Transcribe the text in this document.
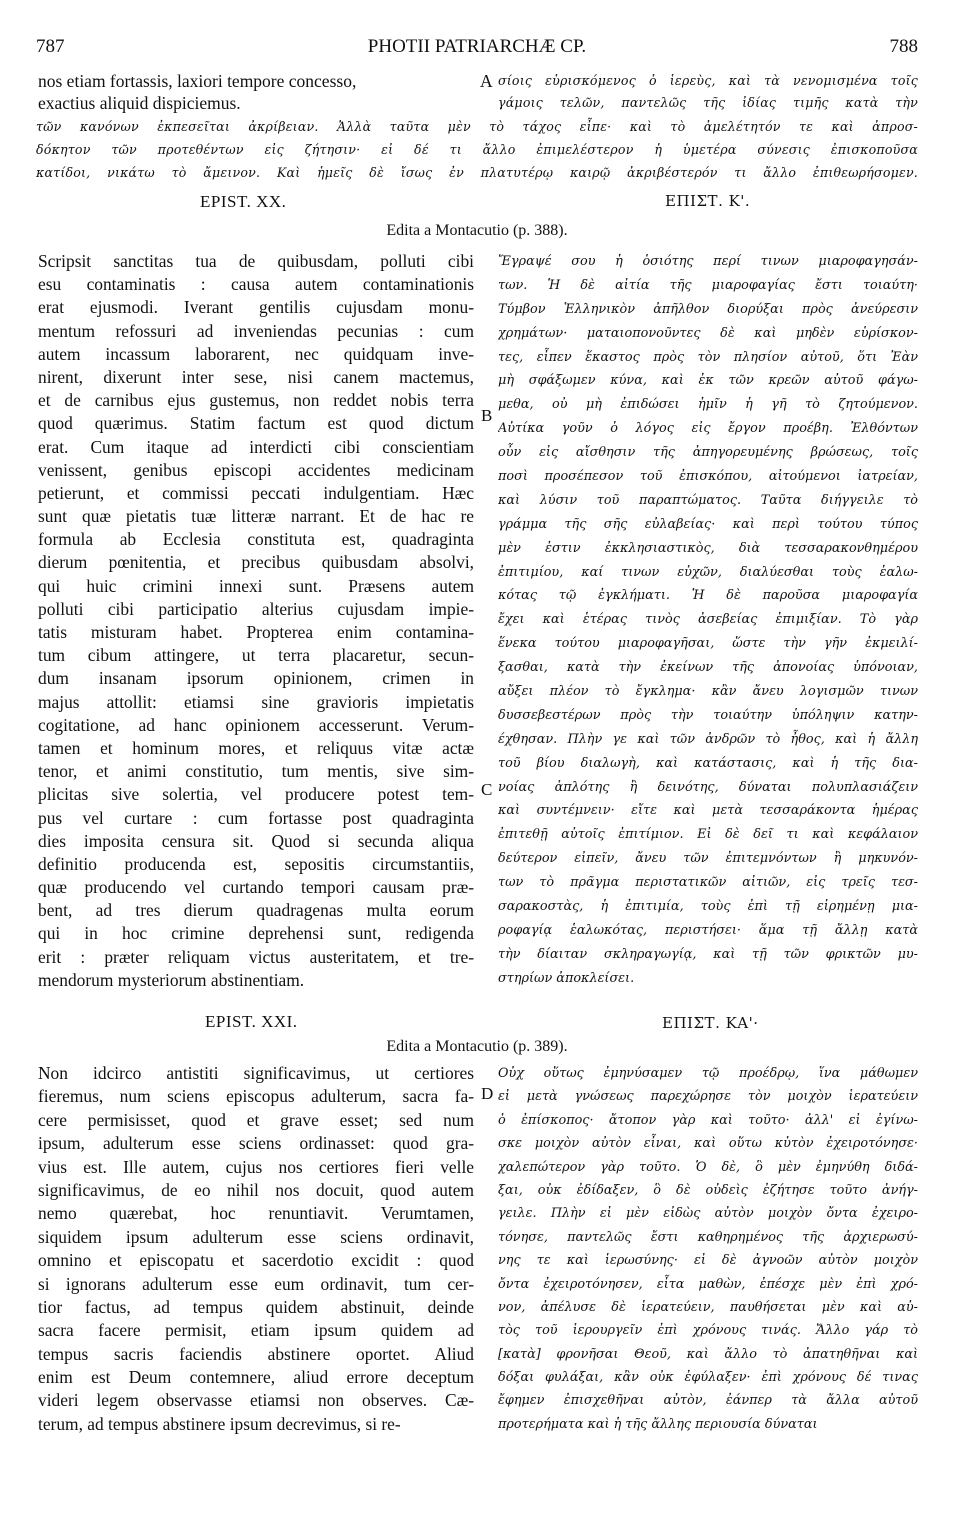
787	PHOTII PATRIARCHÆ CP.	788
nos etiam fortassis, laxiori tempore concesso,	A σίοις εὑρισκόμενος ὁ ἱερεὺς, καὶ τὰ νενομισμένα τοῖς
exactius aliquid dispiciemus.	γάμοις τελῶν, παντελῶς τῆς ἰδίας τιμῆς κατὰ τὴν
τῶν κανόνων ἐκπεσεῖται ἀκρίβειαν. Ἀλλὰ ταῦτα μὲν τὸ τάχος εἶπε· καὶ τὸ ἀμελέτητόν τε καὶ ἀπροσ-
δόκητον τῶν προτεθέντων εἰς ζήτησιν· εἰ δέ τι ἄλλο ἐπιμελέστερον ἡ ὑμετέρα σύνεσις ἐπισκοποῦσα
κατίδοι, νικάτω τὸ ἄμεινον. Καὶ ἡμεῖς δὲ ἴσως ἐν πλατυτέρῳ καιρῷ ἀκριβέστερόν τι ἄλλο ἐπιθεωρήσομεν.
EPIST. XX.	ΕΠΙΣΤ. Κ'.
Edita a Montacutio (p. 388).
Scripsit sanctitas tua de quibusdam, polluti cibi
esu contaminatis : causa autem contaminationis
erat ejusmodi. Iverant gentilis cujusdam monu-
mentum refossuri ad inveniendas pecunias : cum
autem incassum laborarent, nec quidquam inve-
nirent, dixerunt inter sese, nisi canem mactemus,
et de carnibus ejus gustemus, non reddet nobis terra
quod quærimus. Statim factum est quod dictum
erat. Cum itaque ad interdicti cibi conscientiam
venissent, genibus episcopi accidentes medicinam
petierunt, et commissi peccati indulgentiam. Hæc
sunt quæ pietatis tuæ litteræ narrant. Et de hac re
formula ab Ecclesia constituta est, quadraginta
dierum pœnitentia, et precibus quibusdam absolvi,
qui huic crimini innexi sunt. Præsens autem
polluti cibi participatio alterius cujusdam impie-
tatis misturam habet. Propterea enim contamina-
tum cibum attingere, ut terra placaretur, secun-
dum insanam ipsorum opinionem, crimen in
majus attollit: etiamsi sine gravioris impietatis
cogitatione, ad hanc opinionem accesserunt. Verum-
tamen et hominum mores, et reliquus vitæ actæ
tenor, et animi constitutio, tum mentis, sive sim-
plicitas sive solertia, vel producere potest tem-
pus vel curtare : cum fortasse post quadraginta
dies imposita censura sit. Quod si secunda aliqua
definitio producenda est, sepositis circumstantiis,
quæ producendo vel curtando tempori causam præ-
bent, ad tres dierum quadragenas multa eorum
qui in hoc crimine deprehensi sunt, redigenda
erit : præter reliquam victus austeritatem, et tre-
mendorum mysteriorum abstinentiam.
Ἔγραψέ σου ἡ ὁσιότης περί τινων μιαροφαγησάν-
των. Ἡ δὲ αἰτία τῆς μιαροφαγίας ἔστι τοιαύτη·
Τύμβον Ἑλληνικὸν ἀπῆλθον διορύξαι πρὸς ἀνεύρεσιν
χρημάτων· ματαιοπονοῦντες δὲ καὶ μηδὲν εὑρίσκον-
τες, εἶπεν ἕκαστος πρὸς τὸν πλησίον αὐτοῦ, ὅτι Ἐὰν
μὴ σφάξωμεν κύνα, καὶ ἐκ τῶν κρεῶν αὐτοῦ φάγω-
μεθα, οὐ μὴ ἐπιδώσει ἡμῖν ἡ γῆ τὸ ζητούμενον.
Αὐτίκα γοῦν ὁ λόγος εἰς ἔργον προέβη. Ἐλθόντων
οὖν εἰς αἴσθησιν τῆς ἀπηγορευμένης βρώσεως, τοῖς
ποσὶ προσέπεσον τοῦ ἐπισκόπου, αἰτούμενοι ἰατρείαν,
καὶ λύσιν τοῦ παραπτώματος. Ταῦτα διήγγειλε τὸ
γράμμα τῆς σῆς εὐλαβείας· καὶ περὶ τούτου τύπος
μὲν ἐστιν ἐκκλησιαστικὸς, διὰ τεσσαρακονθημέρου
ἐπιτιμίου, καί τινων εὐχῶν, διαλύεσθαι τοὺς ἑαλω-
κότας τῷ ἐγκλήματι. Ἡ δὲ παροῦσα μιαροφαγία
ἔχει καὶ ἑτέρας τινὸς ἀσεβείας ἐπιμιξίαν. Τὸ γὰρ
ἕνεκα τούτου μιαροφαγῆσαι, ὥστε τὴν γῆν ἐκμειλί-
ξασθαι, κατὰ τὴν ἐκείνων τῆς ἀπονοίας ὑπόνοιαν,
αὔξει πλέον τὸ ἔγκλημα· κἂν ἄνευ λογισμῶν τινων
δυσσεβεστέρων πρὸς τὴν τοιαύτην ὑπόληψιν κατην-
έχθησαν. Πλὴν γε καὶ τῶν ἀνδρῶν τὸ ἦθος, καὶ ἡ ἄλλη
τοῦ βίου διαλωγὴ, καὶ κατάστασις, καὶ ἡ τῆς δια-
νοίας ἁπλότης ἢ δεινότης, δύναται πολυπλασιάζειν
καὶ συντέμνειν· εἴτε καὶ μετὰ τεσσαράκοντα ἡμέρας
ἐπιτεθῇ αὐτοῖς ἐπιτίμιον. Εἰ δὲ δεῖ τι καὶ κεφάλαιον
δεύτερον εἰπεῖν, ἄνευ τῶν ἐπιτεμνόντων ἢ μηκυνόν-
των τὸ πρᾶγμα περιστατικῶν αἰτιῶν, εἰς τρεῖς τεσ-
σαρακοστὰς, ἡ ἐπιτιμία, τοὺς ἐπὶ τῇ εἰρημένῃ μια-
ροφαγίᾳ ἑαλωκότας, περιστήσει· ἅμα τῇ ἄλλῃ κατὰ
τὴν δίαιταν σκληραγωγίᾳ, καὶ τῇ τῶν φρικτῶν μυ-
στηρίων ἀποκλείσει.
B
C
EPIST. XXI.	ΕΠΙΣΤ. ΚΑ'·
Edita a Montacutio (p. 389).
Non idcirco antistiti significavimus, ut certiores
fieremus, num sciens episcopus adulterum, sacra fa-
cere permisisset, quod et grave esset; sed num
ipsum, adulterum esse sciens ordinasset: quod gra-
vius est. Ille autem, cujus nos certiores fieri velle
significavimus, de eo nihil nos docuit, quod autem
nemo quærebat, hoc renuntiavit. Verumtamen,
siquidem ipsum adulterum esse sciens ordinavit,
omnino et episcopatu et sacerdotio excidit : quod
si ignorans adulterum esse eum ordinavit, tum cer-
tior factus, ad tempus quidem abstinuit, deinde
sacra facere permisit, etiam ipsum quidem ad
tempus sacris faciendis abstinere oportet. Aliud
enim est Deum contemnere, aliud errore deceptum
videri legem observasse etiamsi non observes. Cæ-
terum, ad tempus abstinere ipsum decrevimus, si re-
Οὐχ οὕτως ἐμηνύσαμεν τῷ προέδρῳ, ἵνα μάθωμεν
εἰ μετὰ γνώσεως παρεχώρησε τὸν μοιχὸν ἱερατεύειν
ὁ ἐπίσκοπος· ἄτοπον γὰρ καὶ τοῦτο· ἀλλ' εἰ ἐγίνω-
σκε μοιχὸν αὐτὸν εἶναι, καὶ οὕτω κὐτὸν ἐχειροτόνησε·
χαλεπώτερον γὰρ τοῦτο. Ὁ δὲ, ὃ μὲν ἐμηνύθη διδά-
ξαι, οὐκ ἐδίδαξεν, ὃ δὲ οὐδεὶς ἐζήτησε τοῦτο ἀνήγ-
γειλε. Πλὴν εἰ μὲν εἰδὼς αὐτὸν μοιχὸν ὄντα ἐχειρο-
τόνησε, παντελῶς ἔστι καθηρημένος τῆς ἀρχιερωσύ-
νης τε καὶ ἱερωσύνης· εἰ δὲ ἀγνοῶν αὐτὸν μοιχὸν
ὄντα ἐχειροτόνησεν, εἶτα μαθὼν, ἐπέσχε μὲν ἐπὶ χρό-
νον, ἀπέλυσε δὲ ἱερατεύειν, παυθήσεται μὲν καὶ αὐ-
τὸς τοῦ ἱερουργεῖν ἐπὶ χρόνους τινάς. Ἄλλο γάρ τὸ
[κατὰ] φρονῆσαι Θεοῦ, καὶ ἄλλο τὸ ἀπατηθῆναι καὶ
δόξαι φυλάξαι, κἂν οὐκ ἐφύλαξεν· ἐπὶ χρόνους δέ τινας
ἔφημεν ἐπισχεθῆναι αὐτὸν, ἐάνπερ τὰ ἄλλα αὐτοῦ
προτερήματα καὶ ἡ τῆς ἄλλης περιουσία δύναται
D
